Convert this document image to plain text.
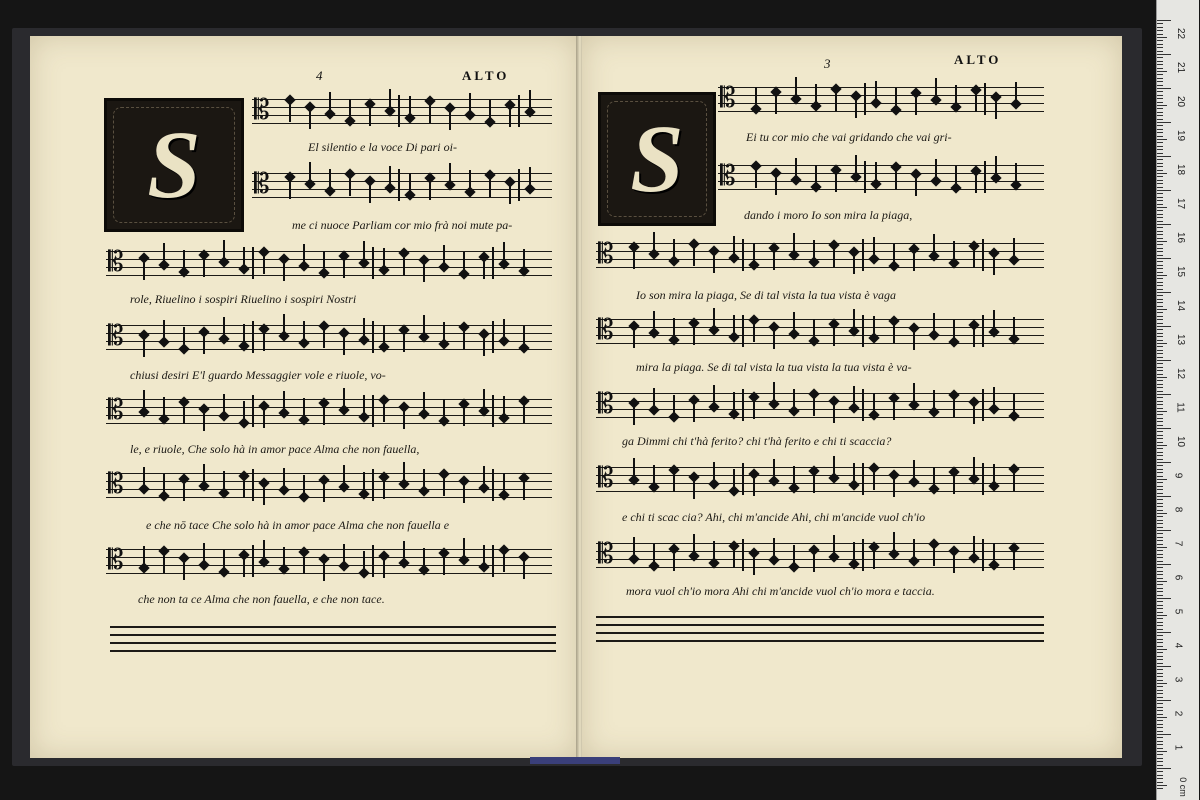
4	ALTO
S
𝄡
El silentio e la voce Di pari oi-
𝄡
me ci nuoce Parliam cor mio frà noi mute pa-
𝄡
role, Riuelino i sospiri Riuelino i sospiri Nostri
𝄡
chiusi desiri E'l guardo Messaggier vole e riuole, vo-
𝄡
le, e riuole, Che solo hà in amor pace Alma che non fauella,
𝄡
e che nō tace Che solo hà in amor pace Alma che non fauella e
𝄡
che non ta ce Alma che non fauella, e che non tace.
3	ALTO
S
𝄡
Ei tu cor mio che vai gridando che vai gri-
𝄡
dando i moro Io son mira la piaga,
𝄡
Io son mira la piaga, Se di tal vista la tua vista è vaga
𝄡
mira la piaga. Se di tal vista la tua vista la tua vista è va-
𝄡
ga Dimmi chi t'hà ferito? chi t'hà ferito e chi ti scaccia?
𝄡
e chi ti scac cia? Ahi, chi m'ancide Ahi, chi m'ancide vuol ch'io
𝄡
mora vuol ch'io mora Ahi chi m'ancide vuol ch'io mora e taccia.
0 cm
22
21
20
19
18
17
16
15
14
13
12
11
10
9
8
7
6
5
4
3
2
1
